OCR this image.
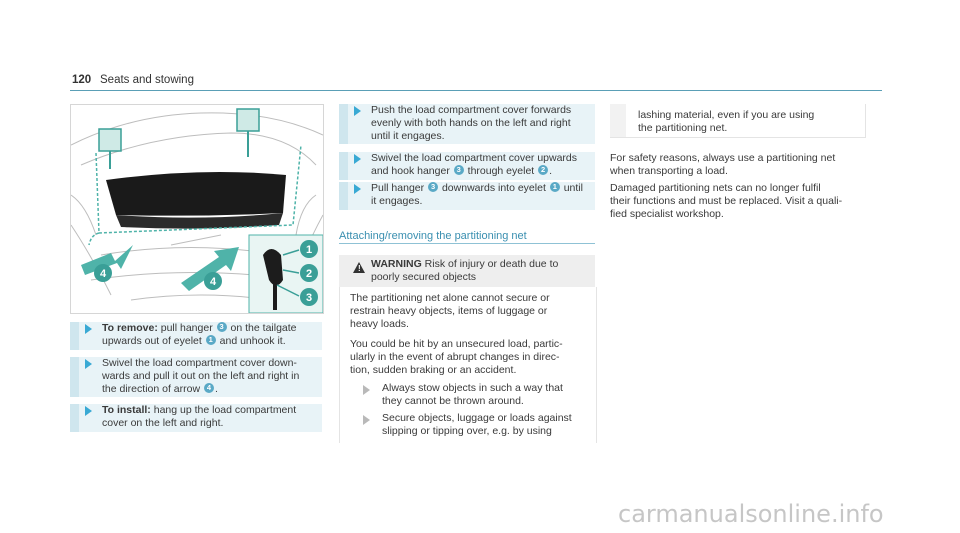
120 Seats and stowing
1
2
3
4
4
To remove: pull hanger 3 on the tailgate
upwards out of eyelet 1 and unhook it.
Swivel the load compartment cover down-
wards and pull it out on the left and right in
the direction of arrow 4 .
To install: hang up the load compartment
cover on the left and right.
Push the load compartment cover forwards
evenly with both hands on the left and right
until it engages.
Swivel the load compartment cover upwards
and hook hanger 3 through eyelet 2 .
Pull hanger 3 downwards into eyelet 1 until
it engages.
Attaching/removing the partitioning net
! WARNING Risk of injury or death due to
poorly secured objects
The partitioning net alone cannot secure or
restrain heavy objects, items of luggage or
heavy loads.
You could be hit by an unsecured load, partic-
ularly in the event of abrupt changes in direc-
tion, sudden braking or an accident.
Always stow objects in such a way that
they cannot be thrown around.
Secure objects, luggage or loads against
slipping or tipping over, e.g. by using
lashing material, even if you are using
the partitioning net.
For safety reasons, always use a partitioning net
when transporting a load.
Damaged partitioning nets can no longer fulfil
their functions and must be replaced. Visit a quali-
fied specialist workshop.
carmanualsonline.info
